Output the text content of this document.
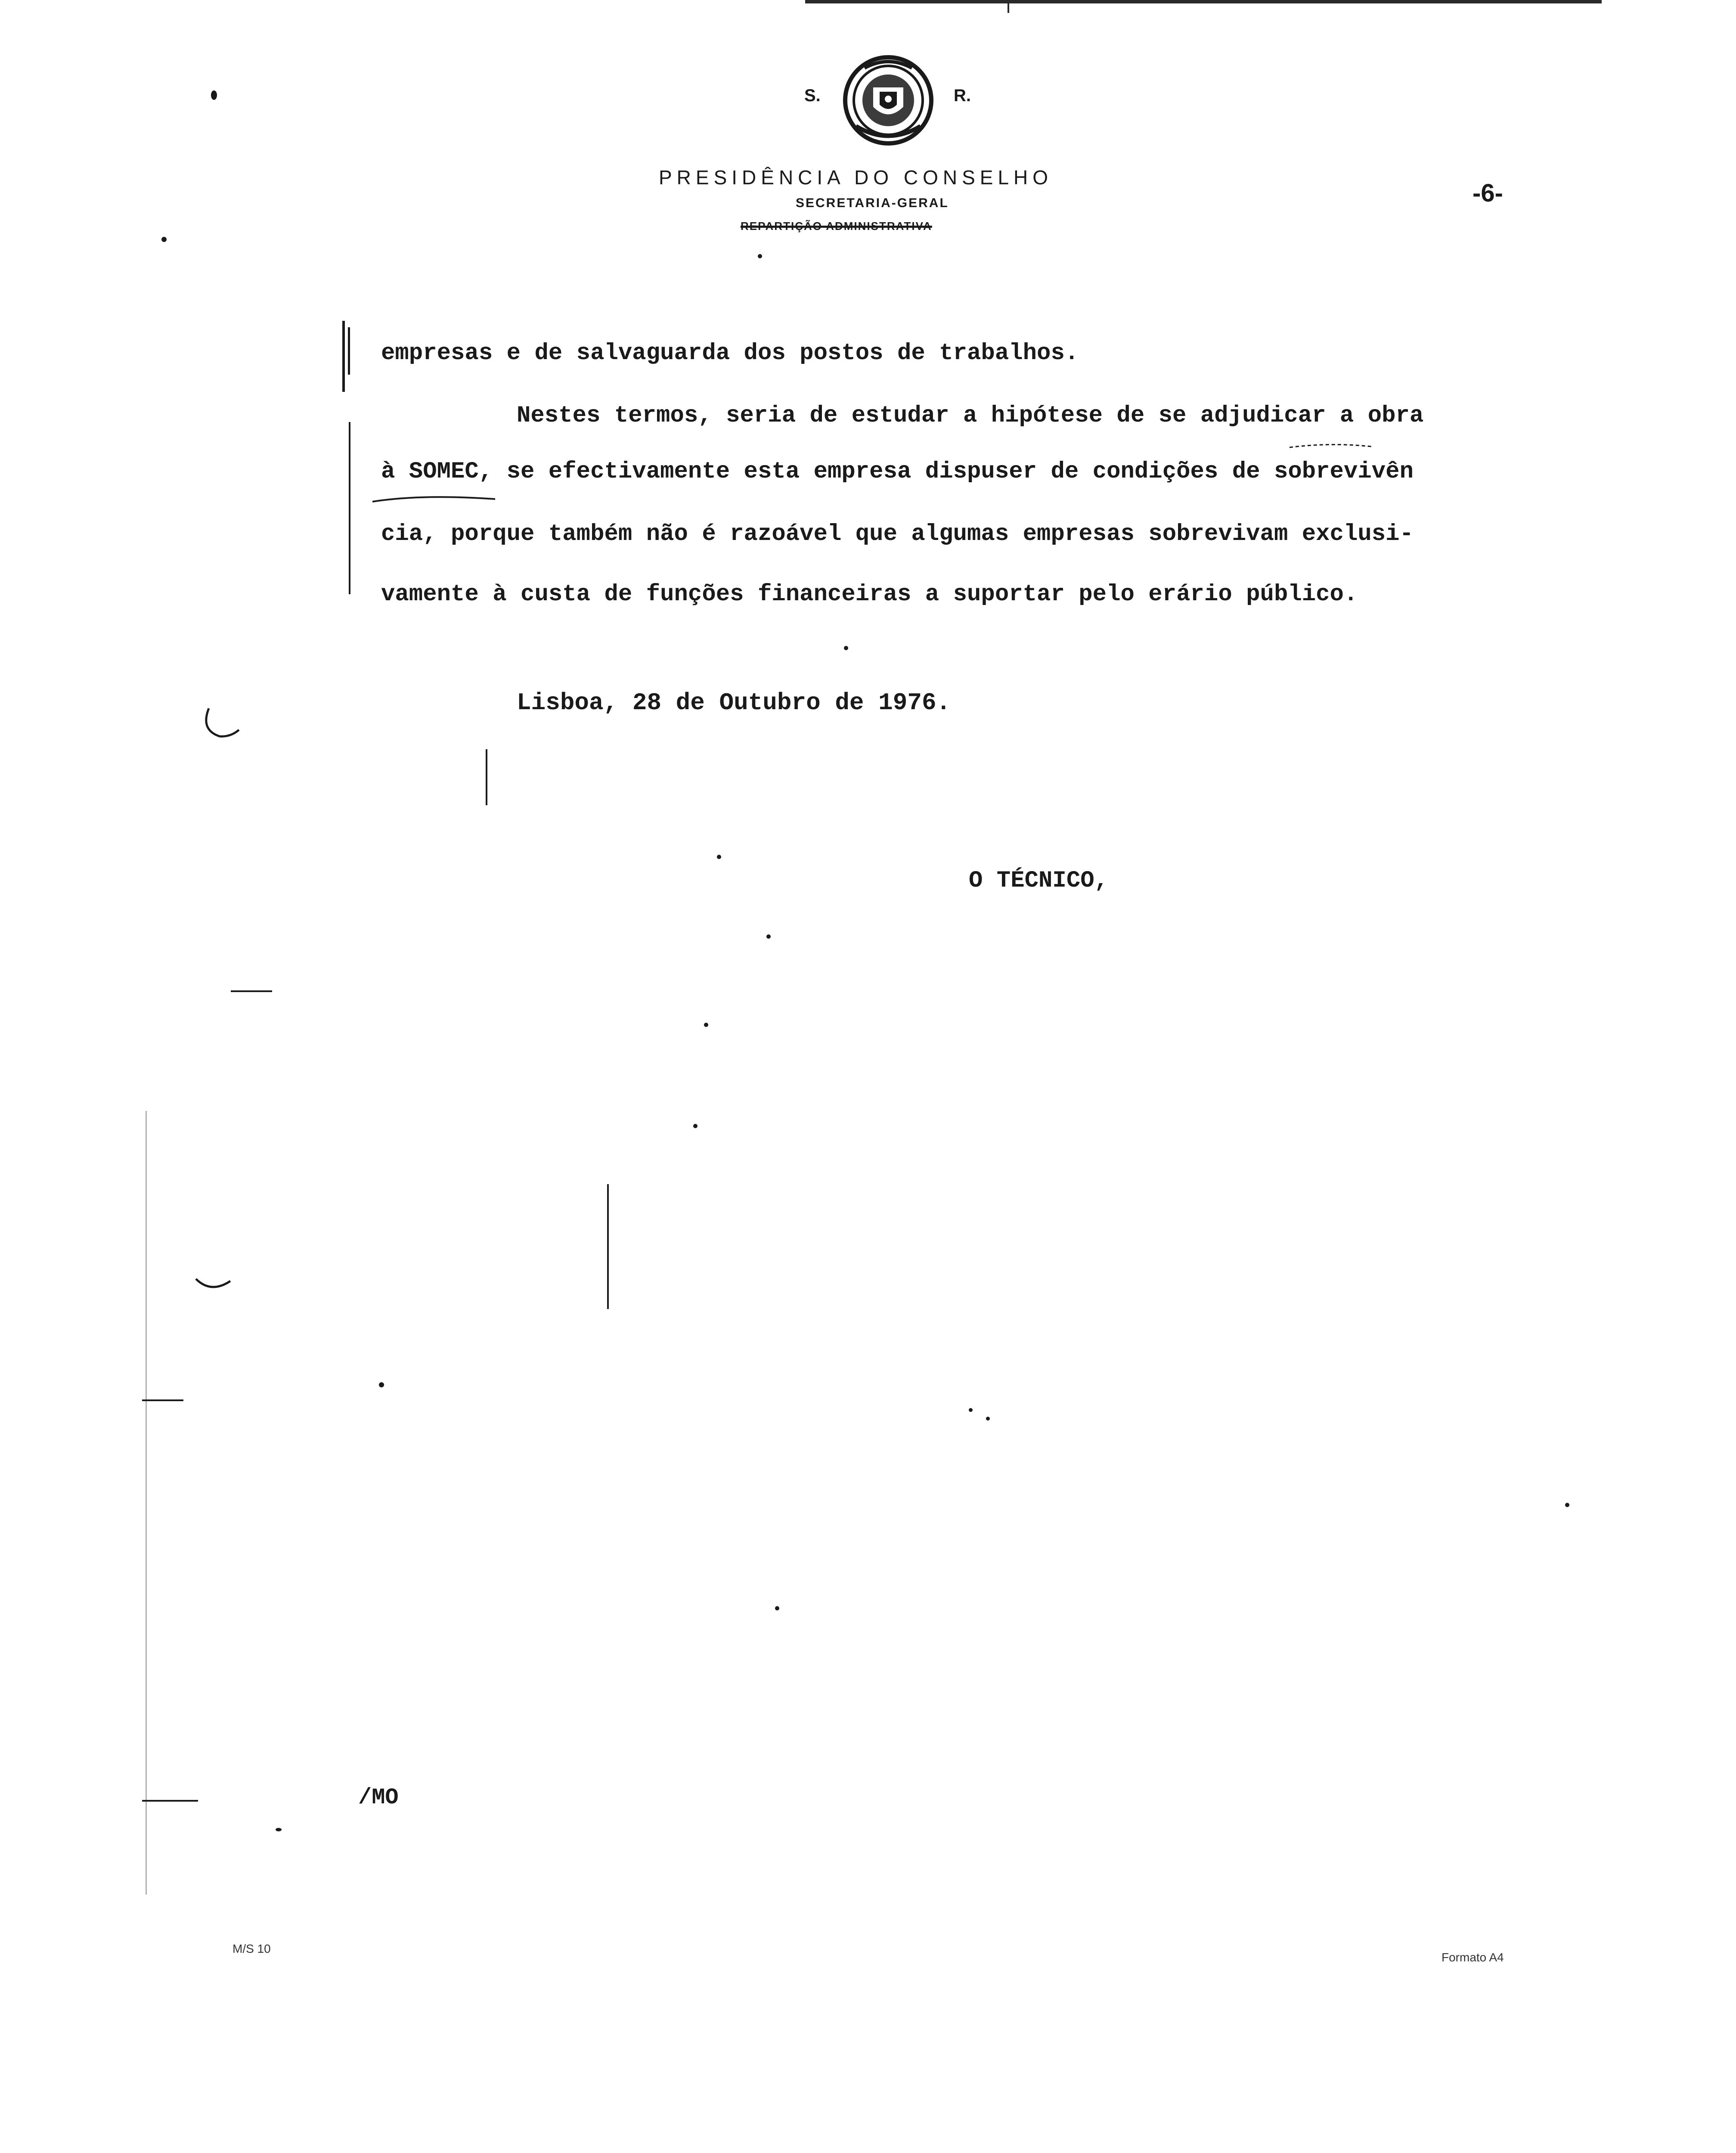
S.	R.
PRESIDÊNCIA DO CONSELHO
SECRETARIA-GERAL
REPARTIÇÃO ADMINISTRATIVA
-6-
empresas e de salvaguarda dos postos de trabalhos.
Nestes termos, seria de estudar a hipótese de se adjudicar a obra
à SOMEC, se efectivamente esta empresa dispuser de condições de sobrevivên
cia, porque também não é razoável que algumas empresas sobrevivam exclusi-
vamente à custa de funções financeiras a suportar pelo erário público.
Lisboa, 28 de Outubro de 1976.
O TÉCNICO,
/MO
M/S 10
Formato A4
